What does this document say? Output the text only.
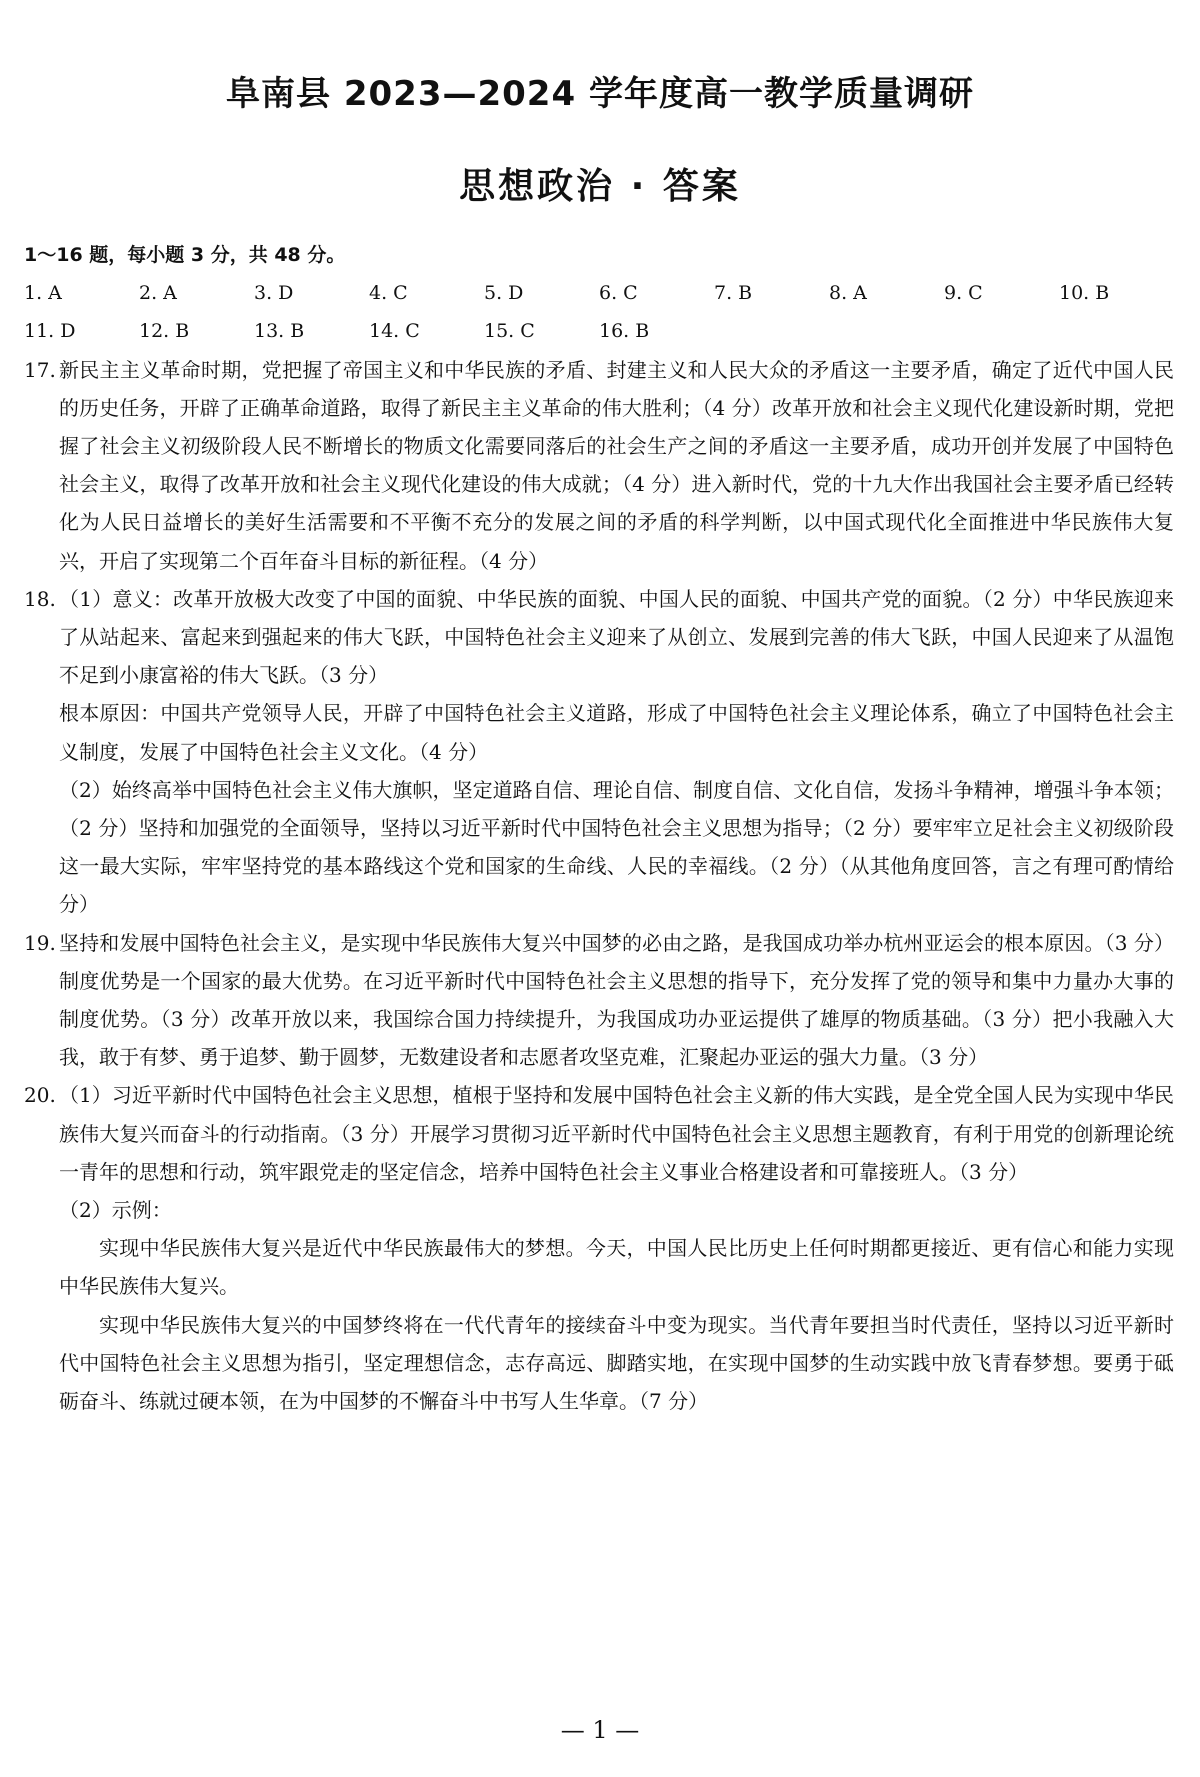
阜南县 2023—2024 学年度高一教学质量调研
思想政治 · 答案
1～16 题，每小题 3 分，共 48 分。
1. A	2. A	3. D	4. C	5. D	6. C	7. B	8. A	9. C	10. B
11. D	12. B	13. B	14. C	15. C	16. B
17. 新民主主义革命时期，党把握了帝国主义和中华民族的矛盾、封建主义和人民大众的矛盾这一主要矛盾，确定了近代中国人民的历史任务，开辟了正确革命道路，取得了新民主主义革命的伟大胜利；（4 分）改革开放和社会主义现代化建设新时期，党把握了社会主义初级阶段人民不断增长的物质文化需要同落后的社会生产之间的矛盾这一主要矛盾，成功开创并发展了中国特色社会主义，取得了改革开放和社会主义现代化建设的伟大成就；（4 分）进入新时代，党的十九大作出我国社会主要矛盾已经转化为人民日益增长的美好生活需要和不平衡不充分的发展之间的矛盾的科学判断，以中国式现代化全面推进中华民族伟大复兴，开启了实现第二个百年奋斗目标的新征程。（4 分）

18. （1）意义：改革开放极大改变了中国的面貌、中华民族的面貌、中国人民的面貌、中国共产党的面貌。（2 分）中华民族迎来了从站起来、富起来到强起来的伟大飞跃，中国特色社会主义迎来了从创立、发展到完善的伟大飞跃，中国人民迎来了从温饱不足到小康富裕的伟大飞跃。（3 分）

根本原因：中国共产党领导人民，开辟了中国特色社会主义道路，形成了中国特色社会主义理论体系，确立了中国特色社会主义制度，发展了中国特色社会主义文化。（4 分）

（2）始终高举中国特色社会主义伟大旗帜，坚定道路自信、理论自信、制度自信、文化自信，发扬斗争精神，增强斗争本领；（2 分）坚持和加强党的全面领导，坚持以习近平新时代中国特色社会主义思想为指导；（2 分）要牢牢立足社会主义初级阶段这一最大实际，牢牢坚持党的基本路线这个党和国家的生命线、人民的幸福线。（2 分）（从其他角度回答，言之有理可酌情给分）

19. 坚持和发展中国特色社会主义，是实现中华民族伟大复兴中国梦的必由之路，是我国成功举办杭州亚运会的根本原因。（3 分）制度优势是一个国家的最大优势。在习近平新时代中国特色社会主义思想的指导下，充分发挥了党的领导和集中力量办大事的制度优势。（3 分）改革开放以来，我国综合国力持续提升，为我国成功办亚运提供了雄厚的物质基础。（3 分）把小我融入大我，敢于有梦、勇于追梦、勤于圆梦，无数建设者和志愿者攻坚克难，汇聚起办亚运的强大力量。（3 分）

20. （1）习近平新时代中国特色社会主义思想，植根于坚持和发展中国特色社会主义新的伟大实践，是全党全国人民为实现中华民族伟大复兴而奋斗的行动指南。（3 分）开展学习贯彻习近平新时代中国特色社会主义思想主题教育，有利于用党的创新理论统一青年的思想和行动，筑牢跟党走的坚定信念，培养中国特色社会主义事业合格建设者和可靠接班人。（3 分）

（2）示例：

实现中华民族伟大复兴是近代中华民族最伟大的梦想。今天，中国人民比历史上任何时期都更接近、更有信心和能力实现中华民族伟大复兴。

实现中华民族伟大复兴的中国梦终将在一代代青年的接续奋斗中变为现实。当代青年要担当时代责任，坚持以习近平新时代中国特色社会主义思想为指引，坚定理想信念，志存高远、脚踏实地，在实现中国梦的生动实践中放飞青春梦想。要勇于砥砺奋斗、练就过硬本领，在为中国梦的不懈奋斗中书写人生华章。（7 分）

— 1 —
